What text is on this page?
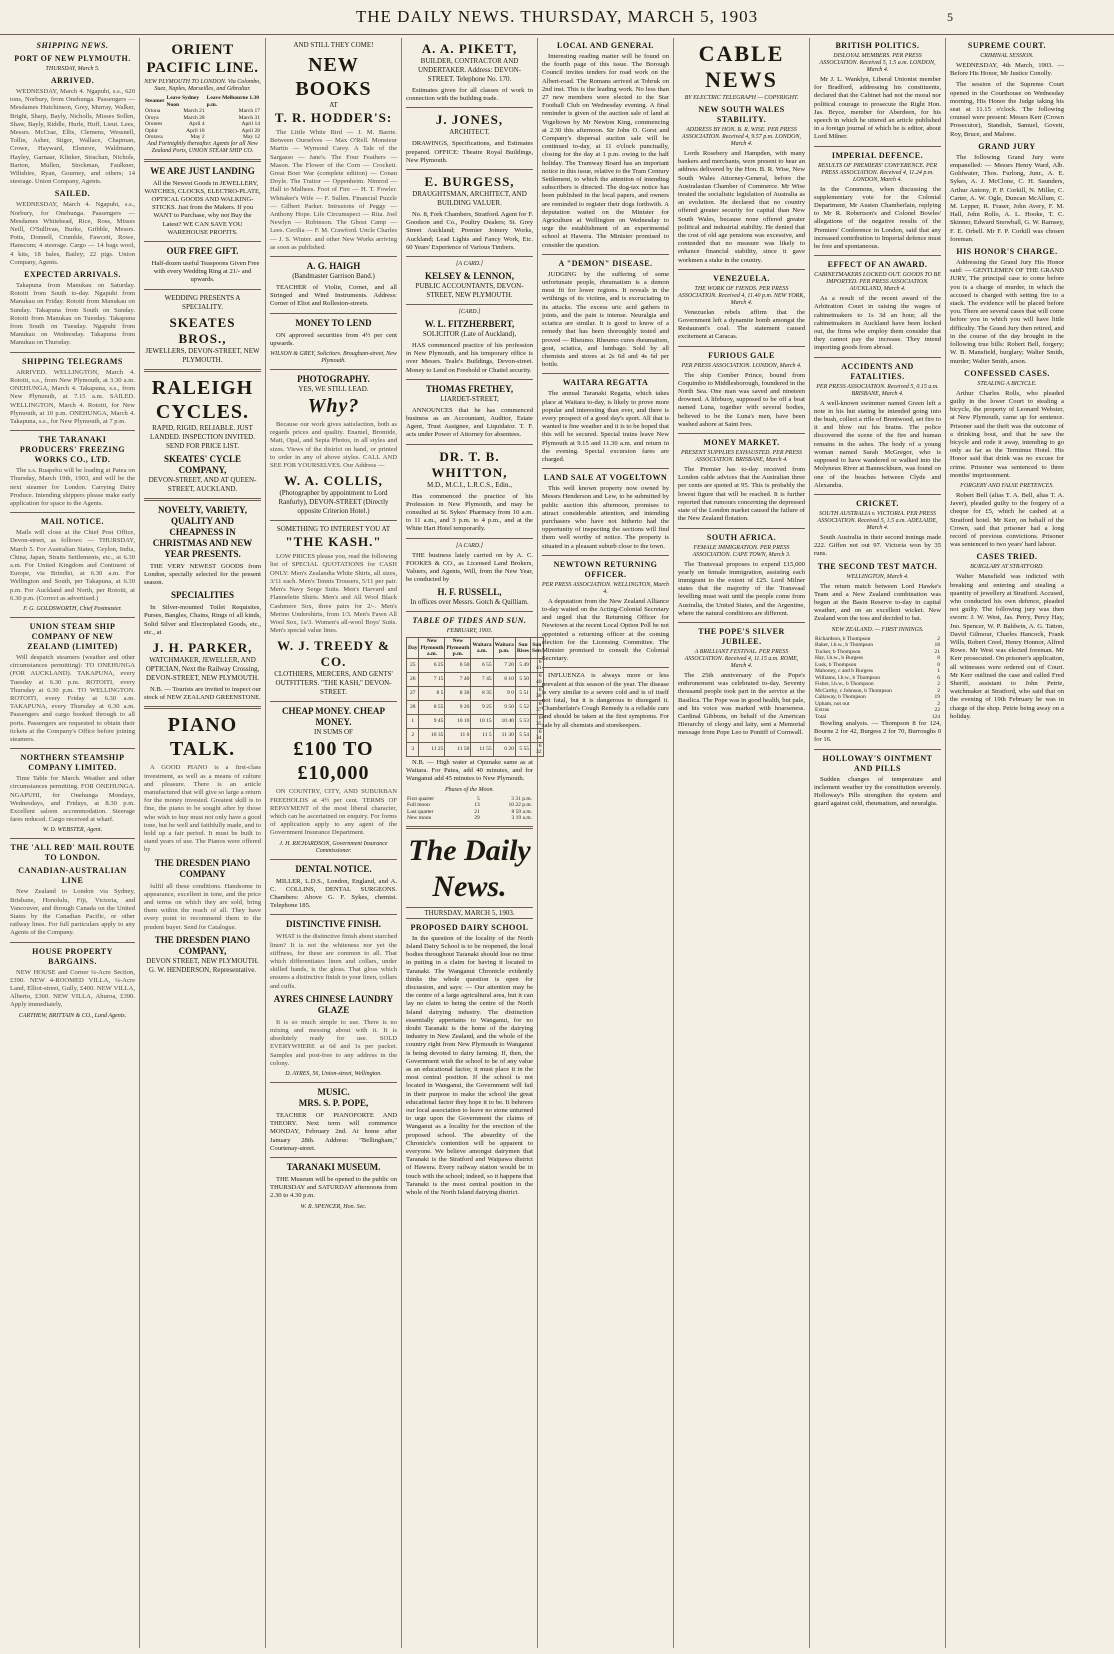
THE DAILY NEWS. THURSDAY, MARCH 5, 1903	5
SHIPPING NEWS.
PORT OF NEW PLYMOUTH.
THURSDAY, March 5.
ARRIVED.

WEDNESDAY, March 4. Ngapuhi, s.s., 620 tons, Norbury, from Onehunga. Passengers — Mesdames Hutchinson, Grey, Murray, Walker, Bright, Sharp, Bayly, Nicholls, Misses Sollen, Shaw, Bayly, Riddle, Hurle, Huff, Lieut. Lees, Messrs. McCrae, Ellis, Clemens, Wessnell, Tollin, Asher, Stiger, Wallace, Chapman, Crowe, Hayward, Elsmore, Waldmann, Hayley, Garnaar, Klinker, Strachan, Nichols, Barton, Mullen, Stockman, Faulkner, Wiltshire, Ryan, Gourney, and others; 14 steerage. Union Company, Agents.

SAILED.

WEDNESDAY, March 4. Ngapuhi, s.s., Norbury, for Onehunga. Passengers — Mesdames Whitehead, Rice, Ross, Misses Neill, O'Sullivan, Burke, Gribble, Messrs. Potts, Donnell, Crumble, Fawcett, Rowe, Hanscom; 4 steerage. Cargo — 14 bags wool, 4 kits, 18 bales, Bailey; 22 pigs. Union Company, Agents.

EXPECTED ARRIVALS.

Takapuna from Manukau on Saturday. Rotoiti from South to-day. Ngapuhi from Manukau on Friday. Rotoiti from Manukau on Sunday. Takapuna from South on Sunday. Rotoiti from Manukau on Tuesday. Takapuna from South on Tuesday. Ngapuhi from Manukau on Wednesday. Takapuna from Manukau on Thursday.

SHIPPING TELEGRAMS

ARRIVED. WELLINGTON, March 4. Rotoiti, s.s., from New Plymouth, at 3.30 a.m. ONEHUNGA, March 4. Takapuna, s.s., from New Plymouth, at 7.15 a.m. SAILED. WELLINGTON, March 4. Rotoiti, for New Plymouth, at 10 p.m. ONEHUNGA, March 4. Takapuna, s.s., for New Plymouth, at 7 p.m.

THE TARANAKI PRODUCERS' FREEZING WORKS CO., LTD.

The s.s. Ruapehu will be loading at Patea on Thursday, March 19th, 1903, and will be the next steamer for London. Carrying Dairy Produce. Intending shippers please make early application for space to the Agents.

MAIL NOTICE.

Mails will close at the Chief Post Office, Devon-street, as follows: — THURSDAY, March 5. For Australian States, Ceylon, India, China, Japan, Straits Settlements, etc., at 6.30 a.m. For United Kingdom and Continent of Europe, via Brindisi, at 6.30 a.m. For Wellington and South, per Takapuna, at 6.30 p.m. For Auckland and North, per Rotoiti, at 6.30 p.m. (Correct as advertised.)

F. G. GOLDSWORTH, Chief Postmaster.
UNION STEAM SHIP COMPANY OF NEW ZEALAND (LIMITED)

Will despatch steamers (weather and other circumstances permitting): TO ONEHUNGA (FOR AUCKLAND). TAKAPUNA, every Tuesday at 6.30 p.m. ROTOITI, every Thursday at 6.30 p.m. TO WELLINGTON. ROTOITI, every Friday at 6.30 a.m. TAKAPUNA, every Thursday at 6.30 a.m. Passengers and cargo booked through to all ports. Passengers are requested to obtain their tickets at the Company's Office before joining steamers.

NORTHERN STEAMSHIP COMPANY LIMITED.

Time Table for March. Weather and other circumstances permitting. FOR ONEHUNGA. NGAPUHI, for Onehunga Mondays, Wednesdays, and Fridays, at 8.30 p.m. Excellent saloon accommodation. Steerage fares reduced. Cargo received at wharf.

W. D. WEBSTER, Agent.
THE 'ALL RED' MAIL ROUTE TO LONDON.
CANADIAN-AUSTRALIAN LINE

New Zealand to London via Sydney, Brisbane, Honolulu, Fiji, Victoria, and Vancouver, and through Canada on the United States by the Canadian Pacific, or other railway lines. For full particulars apply to any Agents of the Company.

HOUSE PROPERTY BARGAINS.

NEW HOUSE and Corner ¼-Acre Section, £390. NEW 4-ROOMED VILLA, ¼-Acre Land, Elliot-street, Gully, £400. NEW VILLA, Alberto, £360. NEW VILLA, Ahuroa, £390. Apply immediately,

CARTHEW, BRITTAIN & CO., Land Agents.
ORIENT PACIFIC LINE.
NEW PLYMOUTH TO LONDON. Via Colombo, Suez, Naples, Marseilles, and Gibraltar.
Steamer	Leave Sydney Noon	Leave Melbourne 1.30 p.m.
Ortona	March 21	March 17
Oroya	March 28	March 31
Orontes	April 4	April 14
Ophir	April 18	April 28
Orotava	May 2	May 12
And Fortnightly thereafter. Agents for all New Zealand Ports, UNION STEAM SHIP CO.
WE ARE JUST LANDING

All the Newest Goods in JEWELLERY, WATCHES, CLOCKS, ELECTRO-PLATE, OPTICAL GOODS AND WALKING-STICKS. Just from the Makers. If you WANT to Purchase, why not Buy the Latest? WE CAN SAVE YOU WAREHOUSE PROFITS.

OUR FREE GIFT.

Half-dozen useful Teaspoons Given Free with every Wedding Ring at 21/- and upwards.

WEDDING PRESENTS A SPECIALITY.
SKEATES BROS.,
JEWELLERS, DEVON-STREET, NEW PLYMOUTH.
RALEIGH CYCLES.
RAPID, RIGID, RELIABLE. JUST LANDED. INSPECTION INVITED. SEND FOR PRICE LIST.
SKEATES' CYCLE COMPANY,
DEVON-STREET, AND AT QUEEN-STREET, AUCKLAND.
NOVELTY, VARIETY, QUALITY AND CHEAPNESS IN CHRISTMAS AND NEW YEAR PRESENTS.

THE VERY NEWEST GOODS from London, specially selected for the present season.

SPECIALITIES

In Silver-mounted Toilet Requisites, Purses, Bangles, Chains, Rings of all kinds, Solid Silver and Electroplated Goods, etc., etc., at

J. H. PARKER,
WATCHMAKER, JEWELLER, AND OPTICIAN, Next the Railway Crossing, DEVON-STREET, NEW PLYMOUTH.

N.B. — Tourists are invited to inspect our stock of NEW ZEALAND GREENSTONE.

PIANO TALK.

A GOOD PIANO is a first-class investment, as well as a means of culture and pleasure. There is an article manufactured that will give so large a return for the money invested. Greatest skill is to fine, the piano to be sought after by those who wish to buy must not only have a good tone, but be well and faithfully made, and to hold up a fair period. It must be built to stand years of use. The Pianos were offered by

THE DRESDEN PIANO COMPANY

fulfil all these conditions. Handsome in appearance, excellent in tone, and the price and terms on which they are sold, bring them within the reach of all. They have every point to recommend them to the prudent buyer. Send for Catalogue.

THE DRESDEN PIANO COMPANY,
DEVON STREET, NEW PLYMOUTH. G. W. HENDERSON, Representative.
AND STILL THEY COME!
NEW BOOKS
AT
T. R. HODDER'S:

The Little White Bird — J. M. Barrie. Between Ourselves — Max O'Rell. Monsieur Martin — Wymond Carey. A Tale of the Sargasso — Jane's. The Four Feathers — Mason. The Flower of the Corn — Crockett. Great Boer War (complete edition) — Conan Doyle. The Traitor — Oppenheim. Nimrod — Hall to Malhees. Foot of Fire — H. T. Fowler. Whitaker's Wife — F. Sullen. Financial Puzzle — Gilbert Parker. Intrusions of Peggy — Anthony Hope. Life Circumspect — Rita. Joel Newlyn — Robinson. The Ghost Camp — Lees. Cecilia — F. M. Crawford. Uncle Charles — J. S. Winter. and other New Works arriving as soon as published.

A. G. HAIGH
(Bandmaster Garrison Band.)

TEACHER of Violin, Cornet, and all Stringed and Wind Instruments. Address: Corner of Eliot and Rolleston-streets.

MONEY TO LEND

ON approved securities from 4½ per cent upwards.

WILSON & GREY, Solicitors. Brougham-street, New Plymouth.
PHOTOGRAPHY.
YES, WE STILL LEAD.
Why?

Because our work gives satisfaction, both as regards prices and quality. Enamel, Bromide, Matt, Opal, and Sepia Photos, in all styles and sizes. Views of the district on hand, or printed to order in any of above styles. CALL AND SEE FOR YOURSELVES. Our Address —

W. A. COLLIS,
(Photographer by appointment to Lord Ranfurly), DEVON-STREET (Directly opposite Criterion Hotel.)
SOMETHING TO INTEREST YOU AT
"THE KASH."

LOW PRICES please you, read the following list of SPECIAL QUOTATIONS for CASH ONLY: Men's Zealandia White Shirts, all sizes, 3/11 each. Men's Tennis Trousers, 5/11 per pair. Men's Navy Serge Suits. Men's Harvard and Flannelette Shirts. Men's and All Wool Black Cashmere Sox, three pairs for 2/-. Men's Merino Undershirts, from 1/3. Men's Fawn All Wool Sox, 1s/3. Women's all-wool Boys' Suits. Men's special value lines.

W. J. TREEDY & CO.
CLOTHIERS, MERCERS, AND GENTS' OUTFITTERS. "THE KASH," DEVON-STREET.
CHEAP MONEY. CHEAP MONEY.
IN SUMS OF
£100 TO £10,000

ON COUNTRY, CITY, AND SUBURBAN FREEHOLDS at 4½ per cent. TERMS OF REPAYMENT of the most liberal character, which can be ascertained on enquiry. For forms of application apply to any agent of the Government Insurance Department.

J. H. RICHARDSON, Government Insurance Commissioner.
DENTAL NOTICE.

MILLER, L.D.S., London, England, and A. C. COLLINS, DENTAL SURGEONS. Chambers: Above G. F. Sykes, chemist. Telephone 185.

DISTINCTIVE FINISH.

WHAT is the distinctive finish about starched linen? It is not the whiteness nor yet the stiffness, for these are common to all. That which differentiates linen and collars, under skilled hands, is the gloss. That gloss which ensures a distinctive finish to your linen, collars and cuffs.

AYRES CHINESE LAUNDRY GLAZE

It is so much simple to use. There is no mixing and messing about with it. It is absolutely ready for use. SOLD EVERYWHERE at 6d and 1s per packet. Samples and post-free to any address in the colony.

D. AYRES, 56, Union-street, Wellington.
MUSIC.
MRS. S. P. POPE,

TEACHER OF PIANOFORTE AND THEORY. Next term will commence MONDAY, February 2nd. At home after January 28th. Address: "Bellingham," Courtenay-street.

TARANAKI MUSEUM.

THE Museum will be opened to the public on THURSDAY and SATURDAY afternoons from 2.30 to 4.30 p.m.

W. R. SPENCER, Hon. Sec.
A. A. PIKETT,
BUILDER, CONTRACTOR AND UNDERTAKER. Address: DEVON-STREET. Telephone No. 170.

Estimates given for all classes of work in connection with the building trade.

J. JONES,
ARCHITECT.

DRAWINGS, Specifications, and Estimates prepared. OFFICE: Theatre Royal Buildings, New Plymouth.

E. BURGESS,
DRAUGHTSMAN, ARCHITECT, AND BUILDING VALUER.

No. 8, Fork Chambers, Stratford. Agent for F. Goodson and Co., Poultry Dealers; St. Grey Street Auckland; Premier Joinery Works, Auckland; Lead Lights and Fancy Work, Etc. 60 Years' Experience of Various Timbers.

[A CARD.]
KELSEY & LENNON,
PUBLIC ACCOUNTANTS, DEVON-STREET, NEW PLYMOUTH.
[CARD.]
W. L. FITZHERBERT,
SOLICITOR (Late of Auckland),

HAS commenced practice of his profession in New Plymouth, and his temporary office is over Messrs. Teale's Buildings, Devon-street. Money to Lend on Freehold or Chattel security.

THOMAS FRETHEY,
LIARDET-STREET,

ANNOUNCES that he has commenced business as an Accountant, Auditor, Estate Agent, Trust Assignee, and Liquidator. T. F. acts under Power of Attorney for absentees.

DR. T. B. WHITTON,
M.D., M.C.I., L.R.C.S., Edin.,

Has commenced the practice of his Profession in New Plymouth, and may be consulted at St. Sykes' Pharmacy from 10 a.m. to 11 a.m., and 3 p.m. to 4 p.m., and at the White Hart Hotel temporarily.

[A CARD.]

THE business lately carried on by A. C. FOOKES & CO., as Licensed Land Brokers, Valuers, and Agents, Will, from the New Year, be conducted by

H. F. RUSSELL,
In offices over Messrs. Gotch & Quilliam.
TABLE OF TIDES AND SUN.
FEBRUARY, 1903.
Day	New Plymouth a.m.	New Plymouth p.m.	Waitara a.m.	Waitara p.m.	Sun Rises	Sun Sets
25	6 25	6 50	6 55	7 20	5 49	6 41
26	7 15	7 40	7 45	8 10	5 50	6 40
27	8 5	8 30	8 35	9 0	5 51	6 38
28	8 55	9 20	9 25	9 50	5 52	6 37
1	9 45	10 10	10 15	10 40	5 53	6 35
2	10 35	11 0	11 5	11 30	5 54	6 34
3	11 25	11 50	11 55	0 20	5 55	6 32

N.B. — High water at Opunake same as at Waitara. For Patea, add 40 minutes, and for Wanganui add 45 minutes to New Plymouth.

Phases of the Moon.
First quarter	5	3 31 p.m.
Full moon	13	10 22 p.m.
Last quarter	21	8 59 a.m.
New moon	29	3 19 a.m.
The Daily News.
THURSDAY, MARCH 5, 1903.
PROPOSED DAIRY SCHOOL

In the question of the locality of the North Island Dairy School is to be reopened, the local bodies throughout Taranaki should lose no time in putting in a claim for having it located in Taranaki. The Wanganui Chronicle evidently thinks the whole question is open for discussion, and says: — Our attention may be the centre of a large agricultural area, but it can lay no claim to being the centre of the North Island dairying industry. The distinction essentially appertains to Wanganui, for no doubt Taranaki is the home of the dairying industry in New Zealand, and the whole of the country right from New Plymouth to Wanganui is being devoted to dairy farming. If, then, the Government wish the school to be of any value as an educational factor, it must place it in the most central position. If the school is not located in Wanganui, the Government will fail in their purpose to make the school the great educational factor they hope it to be. It behoves our local association to leave no stone unturned to urge upon the Government the claims of Wanganui as a locality for the erection of the proposed school. The absurdity of the Chronicle's contention will be apparent to everyone. We believe amongst dairymen that Taranaki is the Stratford and Waipawa district of Hawera. Every railway station would be in touch with the school; indeed, so it happens that Taranaki is the most central position in the whole of the North Island dairying district.

LOCAL AND GENERAL

Interesting reading matter will be found on the fourth page of this issue. The Borough Council invites tenders for road work on the Albert-road. The Romans arrived at Tobruk on 2nd inst. This is the leading work. No less than 27 new members were elected to the Star Football Club on Wednesday evening. A final reminder is given of the auction sale of land at Vogeltown by Mr Newton King, commencing at 2.30 this afternoon. Sir John O. Gorst and Company's dispersal auction sale will be continued to-day, at 11 o'clock punctually, closing for the day at 1 p.m. owing to the half holiday. The Tramway Board has an important notice in this issue, relative to the Tram Century Settlement, to which the attention of intending subscribers is directed. The dog-tax notice has been published in the local papers, and owners are reminded to register their dogs forthwith. A deputation waited on the Minister for Agriculture at Wellington on Wednesday to urge the establishment of an experimental school at Hawera. The Minister promised to consider the question.

A "DEMON" DISEASE.

JUDGING by the suffering of some unfortunate people, rheumatism is a demon most fit for lower regions. It reveals in the writhings of its victims, and is excruciating in its attacks. The excess uric acid gathers in joints, and the pain is intense. Neuralgia and sciatica are similar. It is good to know of a remedy that has been thoroughly tested and proved — Rheumo. Rheumo cures rheumatism, gout, sciatica, and lumbago. Sold by all chemists and stores at 2s 6d and 4s 6d per bottle.

WAITARA REGATTA

The annual Taranaki Regatta, which takes place at Waitara to-day, is likely to prove more popular and interesting than ever, and there is every prospect of a good day's sport. All that is wanted is fine weather and it is to be hoped that this will be secured. Special trains leave New Plymouth at 9.15 and 11.30 a.m. and return in the evening. Special excursion fares are charged.

LAND SALE AT VOGELTOWN

This well known property now owned by Messrs Henderson and Lew, to be submitted by public auction this afternoon, promises to attract considerable attention, and intending purchasers who have not hitherto had the opportunity of inspecting the sections will find them well worthy of notice. The property is situated in a pleasant suburb close to the town.

NEWTOWN RETURNING OFFICER.
PER PRESS ASSOCIATION. WELLINGTON, March 4.

A deputation from the New Zealand Alliance to-day waited on the Acting-Colonial Secretary and urged that the Returning Officer for Newtown at the recent Local Option Poll be not appointed a returning officer at the coming election for the Licensing Committee. The Minister promised to consult the Colonial Secretary.

INFLUENZA is always more or less prevalent at this season of the year. The disease is very similar to a severe cold and is of itself not fatal, but it is dangerous to disregard it. Chamberlain's Cough Remedy is a reliable cure and should be taken at the first symptoms. For sale by all chemists and storekeepers.

CABLE NEWS
BY ELECTRIC TELEGRAPH — COPYRIGHT.
NEW SOUTH WALES STABILITY.
ADDRESS BY HON. B. R. WISE. PER PRESS ASSOCIATION. Received 4, 9.57 p.m. LONDON, March 4.

Lords Rosebery and Hampden, with many bankers and merchants, were present to hear an address delivered by the Hon. B. R. Wise, New South Wales Attorney-General, before the Australasian Chamber of Commerce. Mr Wise treated the socialistic legislation of Australia as an evolution. He declared that no country offered greater security for capital than New South Wales, because none offered greater political and industrial stability. He denied that the cost of old age pensions was excessive, and contended that no measure was likely to enhance financial stability, since it gave workmen a stake in the country.

VENEZUELA.
THE WORK OF FIENDS. PER PRESS ASSOCIATION. Received 4, 11.40 p.m. NEW YORK, March 4.

Venezuelan rebels affirm that the Government left a dynamite bomb amongst the Restaurant's coal. The statement caused excitement at Caracas.

FURIOUS GALE
PER PRESS ASSOCIATION. LONDON, March 4.

The ship Comber Prince, bound from Coquimbo to Middlesborough, foundered in the North Sea. One man was saved and nineteen drowned. A lifebuoy, supposed to be off a boat named Luna, together with several bodies, believed to be the Luna's men, have been washed ashore at Saint Ives.

MONEY MARKET.
PRESENT SUPPLIES EXHAUSTED. PER PRESS ASSOCIATION. BRISBANE, March 4.

The Premier has to-day received from London cable advices that the Australian three per cents are quoted at 95. This is probably the lowest figure that will be reached. It is further reported that rumours concerning the depressed state of the London market caused the failure of the New Zealand flotation.

SOUTH AFRICA.
FEMALE IMMIGRATION. PER PRESS ASSOCIATION. CAPE TOWN, March 3.

The Transvaal proposes to expend £15,000 yearly on female immigration, assisting each immigrant to the extent of £25. Lord Milner states that the majority of the Transvaal levelling must wait until the people come from Australia, the United States, and the Argentine, where the natural conditions are different.

THE POPE'S SILVER JUBILEE.
A BRILLIANT FESTIVAL. PER PRESS ASSOCIATION. Received 4, 11.15 a.m. ROME, March 4.

The 25th anniversary of the Pope's enthronement was celebrated to-day. Seventy thousand people took part in the service at the Basilica. The Pope was in good health, but pale, and his voice was marked with hoarseness. Cardinal Gibbons, on behalf of the American Hierarchy of clergy and laity, sent a Memorial message from Pope Leo to Pontiff of Cornwall.

BRITISH POLITICS.
DISLOYAL MEMBERS. PER PRESS ASSOCIATION. Received 5, 1.5 a.m. LONDON, March 4.

Mr J. L. Wanklyn, Liberal Unionist member for Bradford, addressing his constituents, declared that the Cabinet had not the moral nor political courage to prosecute the Right Hon. Jas. Bryce, member for Aberdeen, for his speech in which he uttered an article published in a foreign journal of which he is editor, about Lord Milner.

IMPERIAL DEFENCE.
RESULTS OF PREMIERS' CONFERENCE. PER PRESS ASSOCIATION. Received 4, 11.24 p.m. LONDON, March 4.

In the Commons, when discussing the supplementary vote for the Colonial Department, Mr Austen Chamberlain, replying to Mr R. Robertson's and Colonel Bowles' allegations of the negative results of the Premiers' Conference in London, said that any increased contribution to Imperial defence must be free and spontaneous.

EFFECT OF AN AWARD.
CABINETMAKERS LOCKED OUT. GOODS TO BE IMPORTED. PER PRESS ASSOCIATION. AUCKLAND, March 4.

As a result of the recent award of the Arbitration Court in raising the wages of cabinetmakers to 1s 3d an hour, all the cabinetmakers in Auckland have been locked out, the firms who employ them consider that they cannot pay the increase. They intend importing goods from abroad.

ACCIDENTS AND FATALITIES.
PER PRESS ASSOCIATION. Received 5, 0.15 a.m. BRISBANE, March 4.

A well-known swimmer named Green left a note in his hut stating he intended going into the bush, collect a rifle of Brentwood, set fire to it and blow out his brains. The police discovered the scene of the fire and human remains in the ashes. The body of a young woman named Sarah McGregor, who is supposed to have wandered or walked into the Molyneux River at Bannockburn, was found on one of the beaches between Clyde and Alexandra.

CRICKET.
SOUTH AUSTRALIA v. VICTORIA. PER PRESS ASSOCIATION. Received 5, 1.5 a.m. ADELAIDE, March 4.

South Australia in their second innings made 222. Giffen not out 97. Victoria won by 35 runs.

THE SECOND TEST MATCH.
WELLINGTON, March 4.

The return match between Lord Hawke's Team and a New Zealand combination was begun at the Basin Reserve to-day in capital weather, and on an excellent wicket. New Zealand won the toss and decided to bat.

NEW ZEALAND. — FIRST INNINGS.
Richardson, b Thompson	2
Baker, l.b.w., b Thompson	18
Tucker, b Thompson	21
Hay, l.b.w., b Burgess	8
Lusk, b Thompson	0
Mahoney, c and b Burgess	1
Williams, l.b.w., b Thompson	6
Fisher, l.b.w., b Thompson	2
McCarthy, c Johnson, b Thompson	2
Callaway, b Thompson	19
Upham, not out	2
Extras	22
Total	124

Bowling analysis. — Thompson 8 for 124, Bourne 2 for 42, Burgess 2 for 70, Burroughs 0 for 16.

HOLLOWAY'S OINTMENT AND PILLS

Sudden changes of temperature and inclement weather try the constitution severely. Holloway's Pills strengthen the system and guard against cold, rheumatism, and neuralgia.

SUPREME COURT.
CRIMINAL SESSION.

WEDNESDAY, 4th March, 1903. — Before His Honor, Mr Justice Conolly.

The session of the Supreme Court opened in the Courthouse on Wednesday morning, His Honor the Judge taking his seat at 11.15 o'clock. The following counsel were present: Messrs Kerr (Crown Prosecutor), Standish, Samuel, Govett, Roy, Bruce, and Malone.

GRAND JURY

The following Grand Jury were empanelled: — Messrs Henry Ward, Alb. Goldwater, Thos. Furlong, Junr., A. E. Sykes, A. J. McClone, C. H. Saunders, Arthur Antony, F. P. Corkill, N. Miller, C. Carter, A. W. Ogle, Duncan McAllum, C. M. Lepper, R. Fraser, John Avery, F. M. Hall, John Rollo, A. L. Hooke, T. C. Skinner, Edward Snowball, G. W. Ramsey, F. E. Orbell. Mr F. P. Corkill was chosen foreman.

HIS HONOR'S CHARGE.

Addressing the Grand Jury His Honor said: — GENTLEMEN OF THE GRAND JURY, The principal case to come before you is a charge of murder, in which the accused is charged with setting fire to a stack. The evidence will be placed before you. There are several cases that will come before you in which you will have little difficulty. The Grand Jury then retired, and in the course of the day brought in the following true bills: Robert Bell, forgery; W. B. Mansfield, burglary; Walter Smith, murder; Walter Smith, arson.

CONFESSED CASES.
STEALING A BICYCLE.

Arthur Charles Rolls, who pleaded guilty in the lower Court to stealing a bicycle, the property of Leonard Webster, at New Plymouth, came up for sentence. Prisoner said the theft was the outcome of a drinking bout, and that he saw the bicycle and rode it away, intending to go only as far as the Terminus Hotel. His Honor said that drink was no excuse for crime. Prisoner was sentenced to three months' imprisonment.

FORGERY AND FALSE PRETENCES.

Robert Bell (alias T. A. Bell, alias T. A. Javer), pleaded guilty to the forgery of a cheque for £5, which he cashed at a Stratford hotel. Mr Kerr, on behalf of the Crown, said that prisoner had a long record of previous convictions. Prisoner was sentenced to two years' hard labour.

CASES TRIED.
BURGLARY AT STRATFORD.

Walter Mansfield was indicted with breaking and entering and stealing a quantity of jewellery at Stratford. Accused, who conducted his own defence, pleaded not guilty. The following jury was then sworn: J. W. West, Jas. Perry, Percy Hay, Jno. Spencer, W. P. Baldwin, A. G. Tatton, David Gilmour, Charles Hancock, Frank Wills, Robert Creel, Henry Honnor, Alfred Rowe. Mr West was elected foreman. Mr Kerr prosecuted. On prisoner's application, all witnesses were ordered out of Court. Mr Kerr outlined the case and called Fred Sheriff, assistant to John Petrie, watchmaker at Stratford, who said that on the evening of 19th February he was in charge of the shop. Petrie being away on a holiday.
